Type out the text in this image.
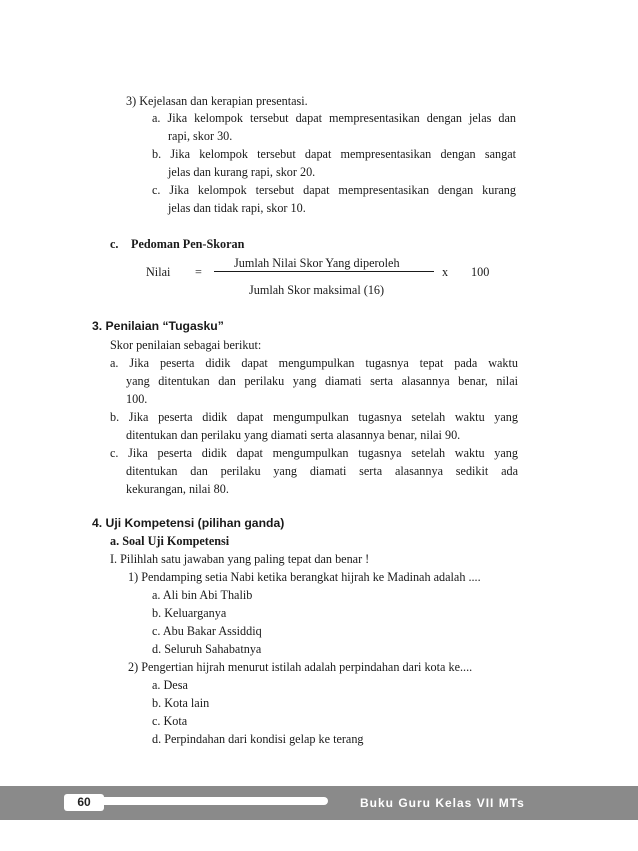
3) Kejelasan dan kerapian presentasi.
a. Jika kelompok tersebut dapat mempresentasikan dengan jelas dan
rapi, skor 30.
b. Jika kelompok tersebut dapat mempresentasikan dengan sangat
jelas dan kurang rapi, skor 20.
c. Jika kelompok tersebut dapat mempresentasikan dengan kurang
jelas dan tidak rapi, skor 10.
c. Pedoman Pen-Skoran
Nilai =
Jumlah Nilai Skor Yang diperoleh
Jumlah Skor maksimal (16)
x 100
3. Penilaian “Tugasku”
Skor penilaian sebagai berikut:
a. Jika peserta didik dapat mengumpulkan tugasnya tepat pada waktu
yang ditentukan dan perilaku yang diamati serta alasannya benar, nilai
100.
b. Jika peserta didik dapat mengumpulkan tugasnya setelah waktu yang
ditentukan dan perilaku yang diamati serta alasannya benar, nilai 90.
c. Jika peserta didik dapat mengumpulkan tugasnya setelah waktu yang
ditentukan dan perilaku yang diamati serta alasannya sedikit ada
kekurangan, nilai 80.
4. Uji Kompetensi (pilihan ganda)
a. Soal Uji Kompetensi
I. Pilihlah satu jawaban yang paling tepat dan benar !
1) Pendamping setia Nabi ketika berangkat hijrah ke Madinah adalah ....
a. Ali bin Abi Thalib
b. Keluarganya
c. Abu Bakar Assiddiq
d. Seluruh Sahabatnya
2) Pengertian hijrah menurut istilah adalah perpindahan dari kota ke....
a. Desa
b. Kota lain
c. Kota
d. Perpindahan dari kondisi gelap ke terang
60	Buku Guru Kelas VII MTs
